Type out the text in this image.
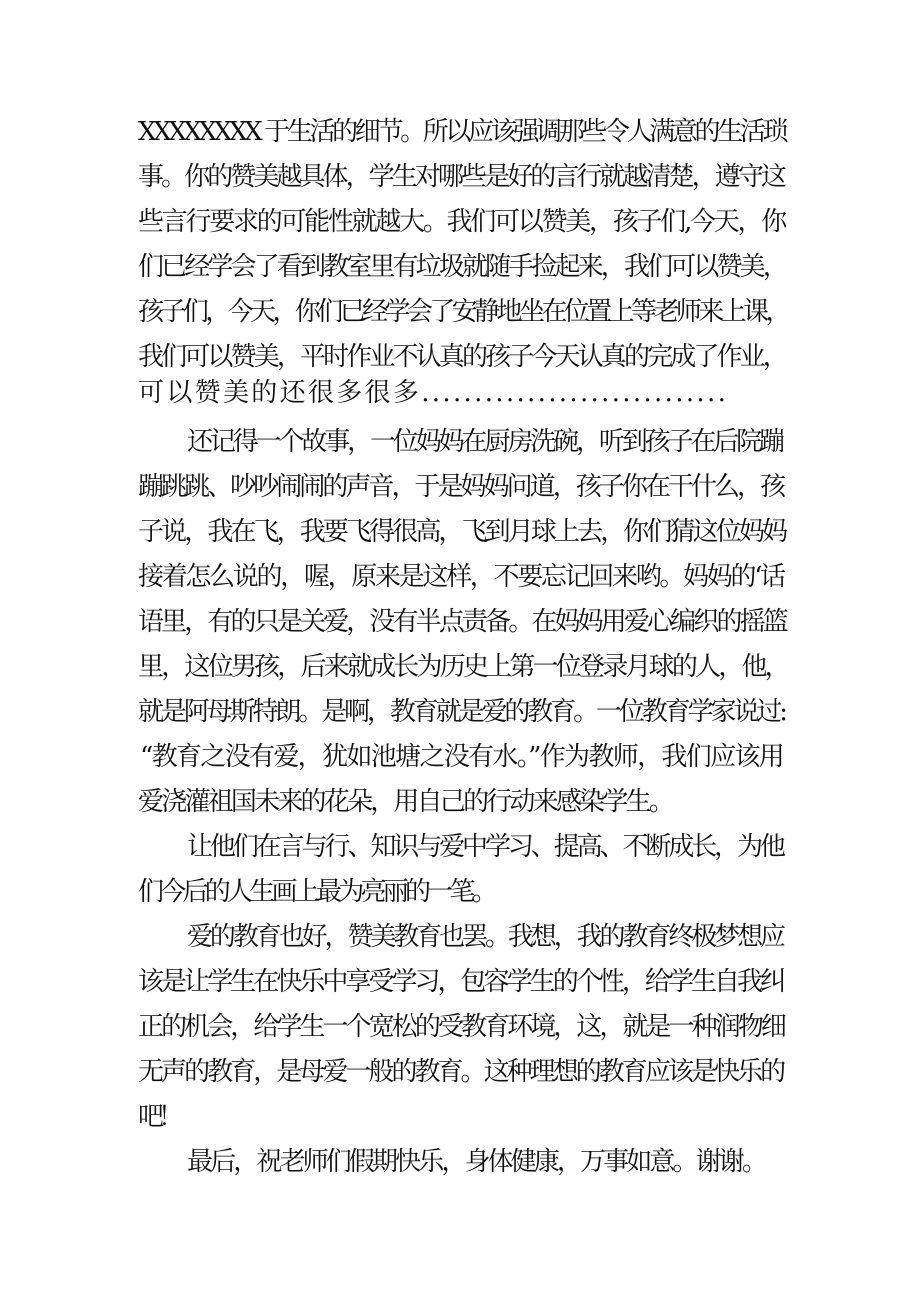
XXXXXXXX 于生活的细节。所以应该强调那些令人满意的生活琐
事。你的赞美越具体，学生对哪些是好的言行就越清楚，遵守这
些言行要求的可能性就越大。我们可以赞美，孩子们,今天，你
们已经学会了看到教室里有垃圾就随手捡起来，我们可以赞美，
孩子们，今天，你们已经学会了安静地坐在位置上等老师来上课，
我们可以赞美，平时作业不认真的孩子今天认真的完成了作业，
可以赞美的还很多很多.............................
还记得一个故事，一位妈妈在厨房洗碗，听到孩子在后院蹦
蹦跳跳、吵吵闹闹的声音，于是妈妈问道，孩子你在干什么，孩
子说，我在飞，我要飞得很高，飞到月球上去，你们猜这位妈妈
接着怎么说的，喔，原来是这样，不要忘记回来哟。妈妈的‘话
语里，有的只是关爱，没有半点责备。在妈妈用爱心编织的摇篮
里，这位男孩，后来就成长为历史上第一位登录月球的人，他，
就是阿母斯特朗。是啊，教育就是爱的教育。一位教育学家说过:
“教育之没有爱，犹如池塘之没有水。”作为教师，我们应该用
爱浇灌祖国未来的花朵，用自己的行动来感染学生。
让他们在言与行、知识与爱中学习、提高、不断成长，为他
们今后的人生画上最为亮丽的一笔。
爱的教育也好，赞美教育也罢。我想，我的教育终极梦想应
该是让学生在快乐中享受学习，包容学生的个性，给学生自我纠
正的机会，给学生一个宽松的受教育环境，这，就是一种润物细
无声的教育，是母爱一般的教育。这种理想的教育应该是快乐的
吧！
最后，祝老师们假期快乐，身体健康，万事如意。谢谢。
